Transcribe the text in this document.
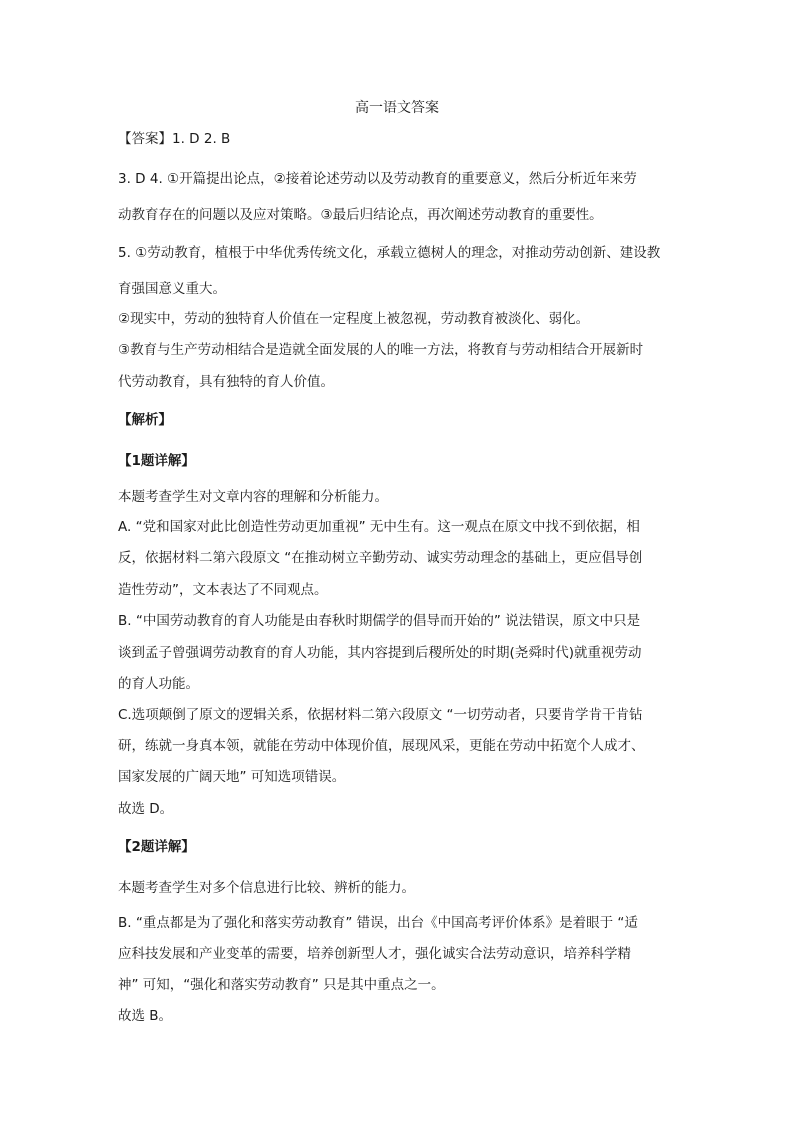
高一语文答案
【答案】1. D 2. B
3. D 4. ①开篇提出论点，②接着论述劳动以及劳动教育的重要意义，然后分析近年来劳
动教育存在的问题以及应对策略。③最后归结论点，再次阐述劳动教育的重要性。
5. ①劳动教育，植根于中华优秀传统文化，承载立德树人的理念，对推动劳动创新、建设教
育强国意义重大。
②现实中，劳动的独特育人价值在一定程度上被忽视，劳动教育被淡化、弱化。
③教育与生产劳动相结合是造就全面发展的人的唯一方法，将教育与劳动相结合开展新时
代劳动教育，具有独特的育人价值。
【解析】
【1题详解】
本题考查学生对文章内容的理解和分析能力。
A. “党和国家对此比创造性劳动更加重视” 无中生有。这一观点在原文中找不到依据，相
反，依据材料二第六段原文 “在推动树立辛勤劳动、诚实劳动理念的基础上，更应倡导创
造性劳动”，文本表达了不同观点。
B. “中国劳动教育的育人功能是由春秋时期儒学的倡导而开始的” 说法错误，原文中只是
谈到孟子曾强调劳动教育的育人功能，其内容提到后稷所处的时期(尧舜时代)就重视劳动
的育人功能。
C.选项颠倒了原文的逻辑关系，依据材料二第六段原文 “一切劳动者，只要肯学肯干肯钻
研，练就一身真本领，就能在劳动中体现价值，展现风采，更能在劳动中拓宽个人成才、
国家发展的广阔天地” 可知选项错误。
故选 D。
【2题详解】
本题考查学生对多个信息进行比较、辨析的能力。
B. “重点都是为了强化和落实劳动教育” 错误，出台《中国高考评价体系》是着眼于 “适
应科技发展和产业变革的需要，培养创新型人才，强化诚实合法劳动意识，培养科学精
神” 可知，“强化和落实劳动教育” 只是其中重点之一。
故选 B。
